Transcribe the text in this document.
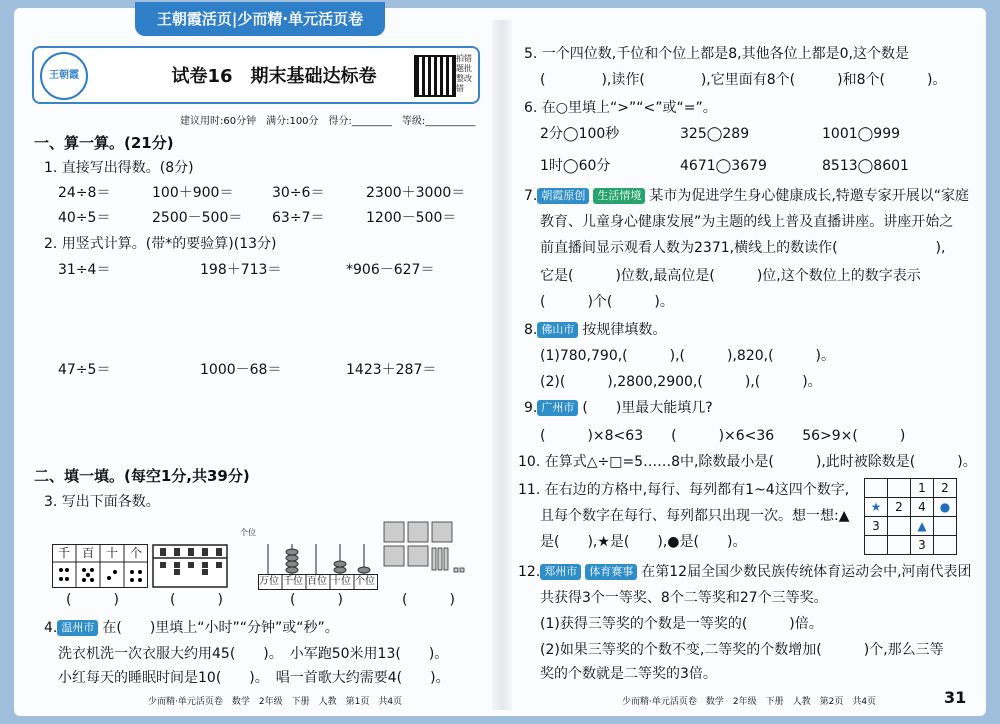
王朝霞活页|少而精·单元活页卷
王朝霞	试卷16　期末基础达标卷
拍错题批整改错
建议用时:60分钟　满分:100分　得分:________　等级:__________
一、算一算。(21分)
1. 直接写出得数。(8分)
24÷8＝	100＋900＝	30÷6＝	2300＋3000＝
40÷5＝	2500－500＝ 63÷7＝	1200－500＝
2. 用竖式计算。(带*的要验算)(13分)
31÷4＝	198＋713＝	*906－627＝
47÷5＝	1000－68＝	1423＋287＝
二、填一填。(每空1分,共39分)
3. 写出下面各数。
千 百 十 个
个位
万位 千位 百位 十位 个位
(　　　)	(　　　)	(　　　)	(　　　)
4. 温州市 在(　　)里填上“小时”“分钟”或“秒”。
洗衣机洗一次衣服大约用45(　　)。　小军跑50米用13(　　)。
小红每天的睡眠时间是10(　　)。　唱一首歌大约需要4(　　)。
少而精·单元活页卷　数学　2年级　下册　人教　第1页　共4页
5. 一个四位数,千位和个位上都是8,其他各位上都是0,这个数是
(　　　　),读作(　　　　),它里面有8个(　　　)和8个(　　　)。
6. 在○里填上“>”“<”或“=”。
2分◯100秒	325◯289	1001◯999
1时◯60分	4671◯3679	8513◯8601
7. 朝霞原创 生活情境 某市为促进学生身心健康成长,特邀专家开展以“家庭
教育、儿童身心健康发展”为主题的线上普及直播讲座。讲座开始之
前直播间显示观看人数为2371,横线上的数读作(　　　　　　　),
它是(　　　)位数,最高位是(　　　)位,这个数位上的数字表示
(　　　)个(　　　)。
8. 佛山市 按规律填数。
(1)780,790,(　　　),(　　　),820,(　　　)。
(2)(　　　),2800,2900,(　　　),(　　　)。
9. 广州市 (　　)里最大能填几?
(　　　)×8<63　　(　　　)×6<36　　56>9×(　　　)
10. 在算式△÷□=5……8中,除数最小是(　　　),此时被除数是(　　　)。
11. 在右边的方格中,每行、每列都有1~4这四个数字,
且每个数字在每行、每列都只出现一次。想一想:▲
是(　　),★是(　　),●是(　　)。
		1	2
★	2	4	●
3		▲	
		3	
12. 郑州市 体育赛事 在第12届全国少数民族传统体育运动会中,河南代表团
共获得3个一等奖、8个二等奖和27个三等奖。
(1)获得三等奖的个数是一等奖的(　　　)倍。
(2)如果三等奖的个数不变,二等奖的个数增加(　　　)个,那么三等
奖的个数就是二等奖的3倍。
少而精·单元活页卷　数学　2年级　下册　人教　第2页　共4页	31
